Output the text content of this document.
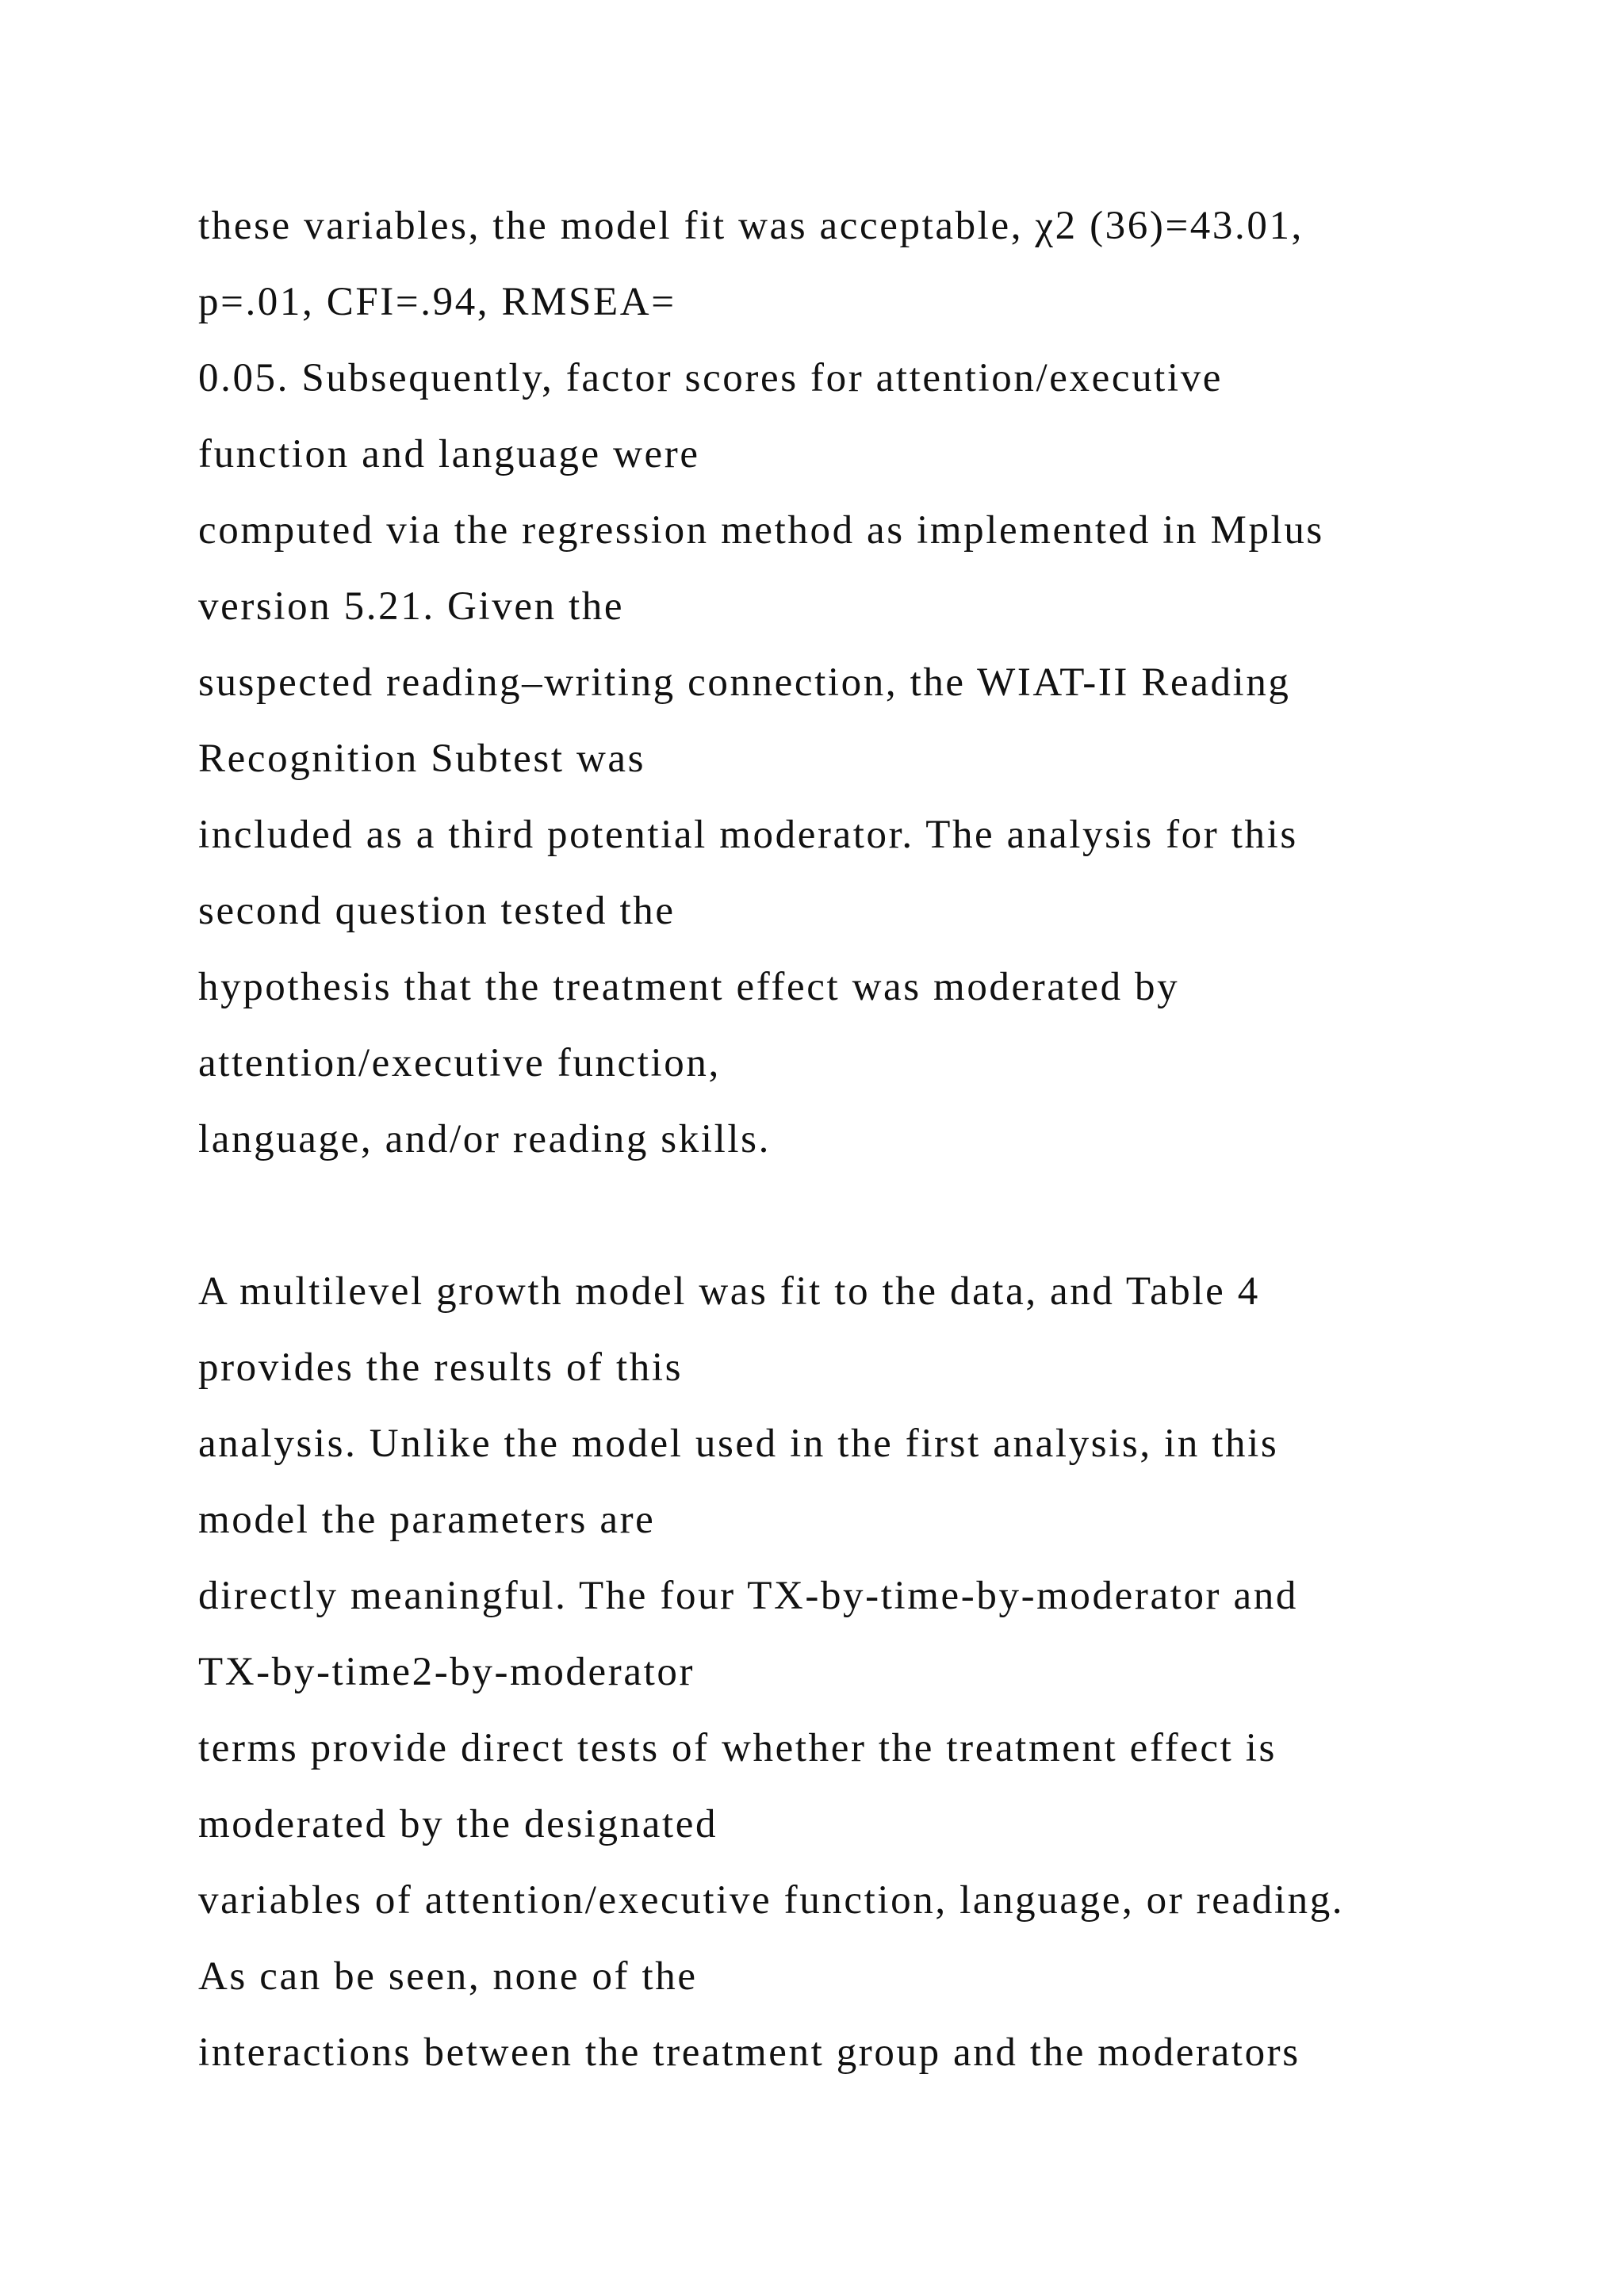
these variables, the model fit was acceptable, χ2 (36)=43.01,
p=.01, CFI=.94, RMSEA=
0.05. Subsequently, factor scores for attention/executive
function and language were
computed via the regression method as implemented in Mplus
version 5.21. Given the
suspected reading–writing connection, the WIAT-II Reading
Recognition Subtest was
included as a third potential moderator. The analysis for this
second question tested the
hypothesis that the treatment effect was moderated by
attention/executive function,
language, and/or reading skills.
A multilevel growth model was fit to the data, and Table 4
provides the results of this
analysis. Unlike the model used in the first analysis, in this
model the parameters are
directly meaningful. The four TX-by-time-by-moderator and
TX-by-time2-by-moderator
terms provide direct tests of whether the treatment effect is
moderated by the designated
variables of attention/executive function, language, or reading.
As can be seen, none of the
interactions between the treatment group and the moderators
